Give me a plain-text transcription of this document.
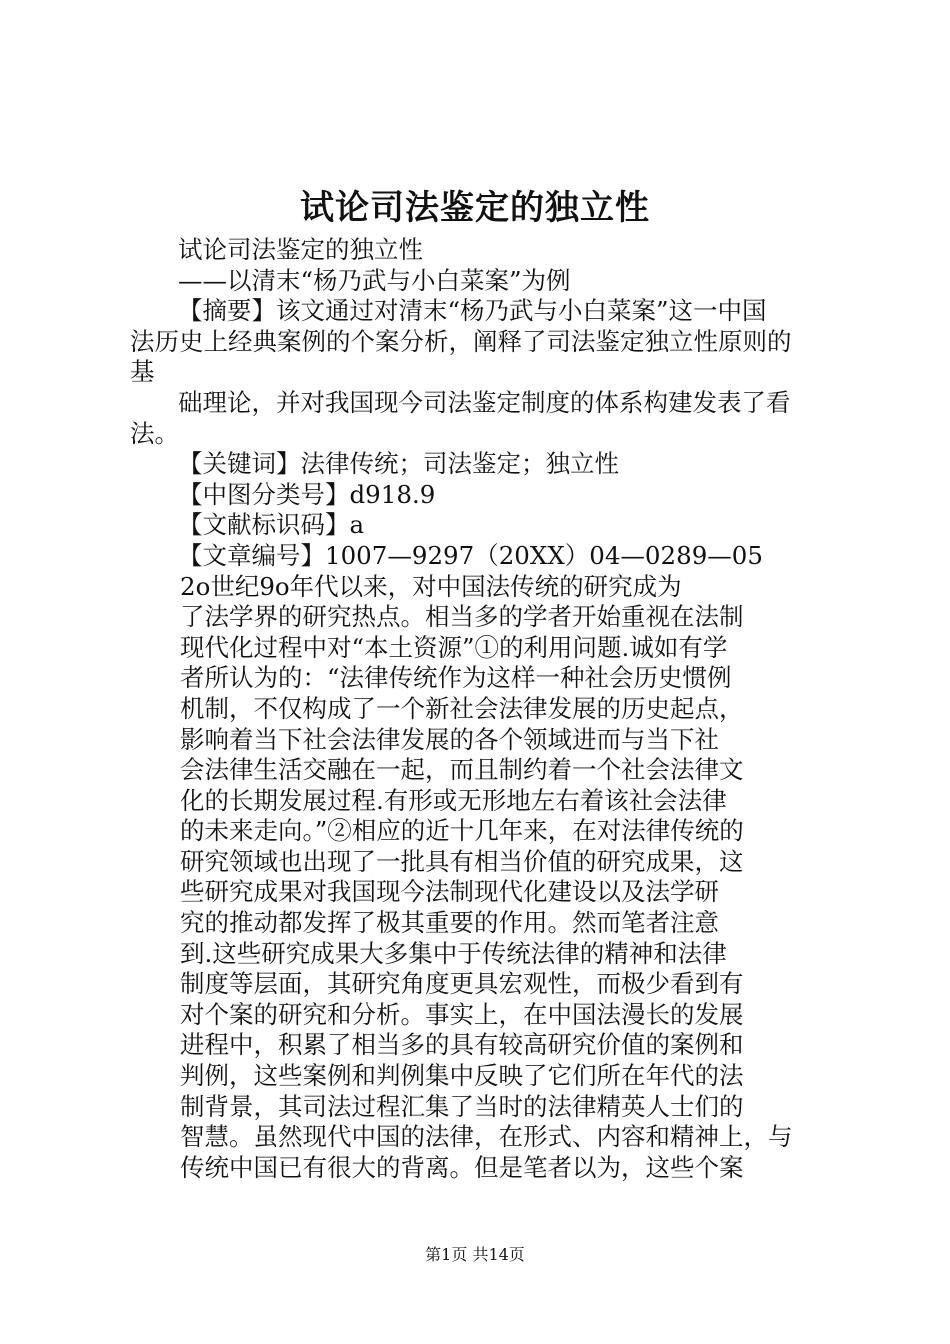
试论司法鉴定的独立性
试论司法鉴定的独立性
——以清末“杨乃武与小白菜案”为例
【摘要】该文通过对清末“杨乃武与小白菜案”这一中国
法历史上经典案例的个案分析，阐释了司法鉴定独立性原则的
基
础理论，并对我国现今司法鉴定制度的体系构建发表了看
法。
【关键词】法律传统；司法鉴定；独立性
【中图分类号】d918.9
【文献标识码】a
【文章编号】1007—9297（20XX）04—0289—05
2o世纪9o年代以来，对中国法传统的研究成为
了法学界的研究热点。相当多的学者开始重视在法制
现代化过程中对“本土资源”①的利用问题.诚如有学
者所认为的：“法律传统作为这样一种社会历史惯例
机制，不仅构成了一个新社会法律发展的历史起点，
影响着当下社会法律发展的各个领域进而与当下社
会法律生活交融在一起，而且制约着一个社会法律文
化的长期发展过程.有形或无形地左右着该社会法律
的未来走向。”②相应的近十几年来，在对法律传统的
研究领域也出现了一批具有相当价值的研究成果，这
些研究成果对我国现今法制现代化建设以及法学研
究的推动都发挥了极其重要的作用。然而笔者注意
到.这些研究成果大多集中于传统法律的精神和法律
制度等层面，其研究角度更具宏观性，而极少看到有
对个案的研究和分析。事实上，在中国法漫长的发展
进程中，积累了相当多的具有较高研究价值的案例和
判例，这些案例和判例集中反映了它们所在年代的法
制背景，其司法过程汇集了当时的法律精英人士们的
智慧。虽然现代中国的法律，在形式、内容和精神上，与
传统中国已有很大的背离。但是笔者以为，这些个案
第1页 共14页
